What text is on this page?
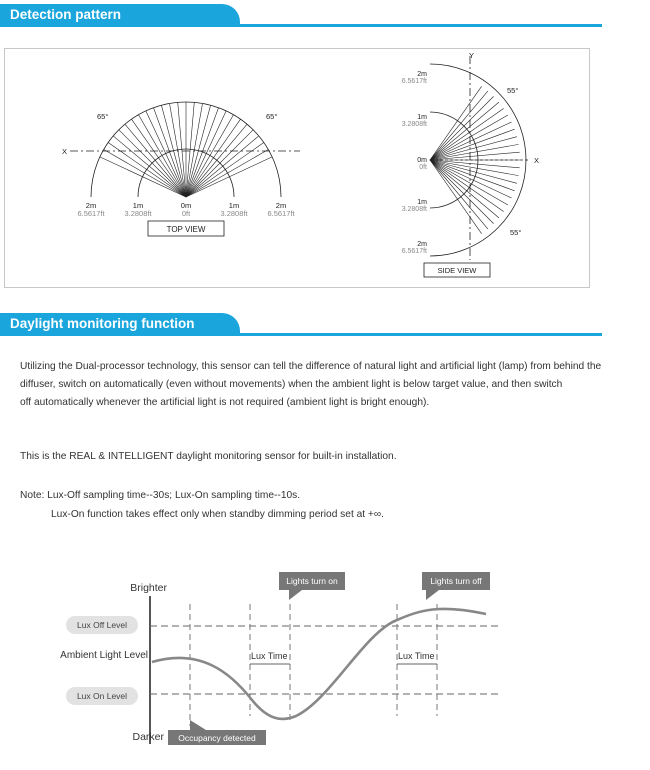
Detection pattern
65°	65°
X
2m
6.5617ft
1m
3.2808ft
0m
0ft
1m
3.2808ft
2m
6.5617ft
TOP VIEW
Y
X
55°
55°
2m
6.5617ft
1m
3.2808ft
0m
0ft
1m
3.2808ft
2m
6.5617ft
SIDE VIEW
Daylight monitoring function
Utilizing the Dual-processor technology, this sensor can tell the difference of natural light and artificial light (lamp) from behind the
diffuser, switch on automatically (even without movements) when the ambient light is below target value, and then switch
off automatically whenever the artificial light is not required (ambient light is bright enough).
This is the REAL & INTELLIGENT daylight monitoring sensor for built-in installation.
Note: Lux-Off sampling time--30s; Lux-On sampling time--10s.
Lux-On function takes effect only when standby dimming period set at +∞.
Lux Time	Lux Time
Brighter
Ambient Light Level
Darker
Lux Off Level
Lux On Level
Lights turn on	Lights turn off
Occupancy detected
